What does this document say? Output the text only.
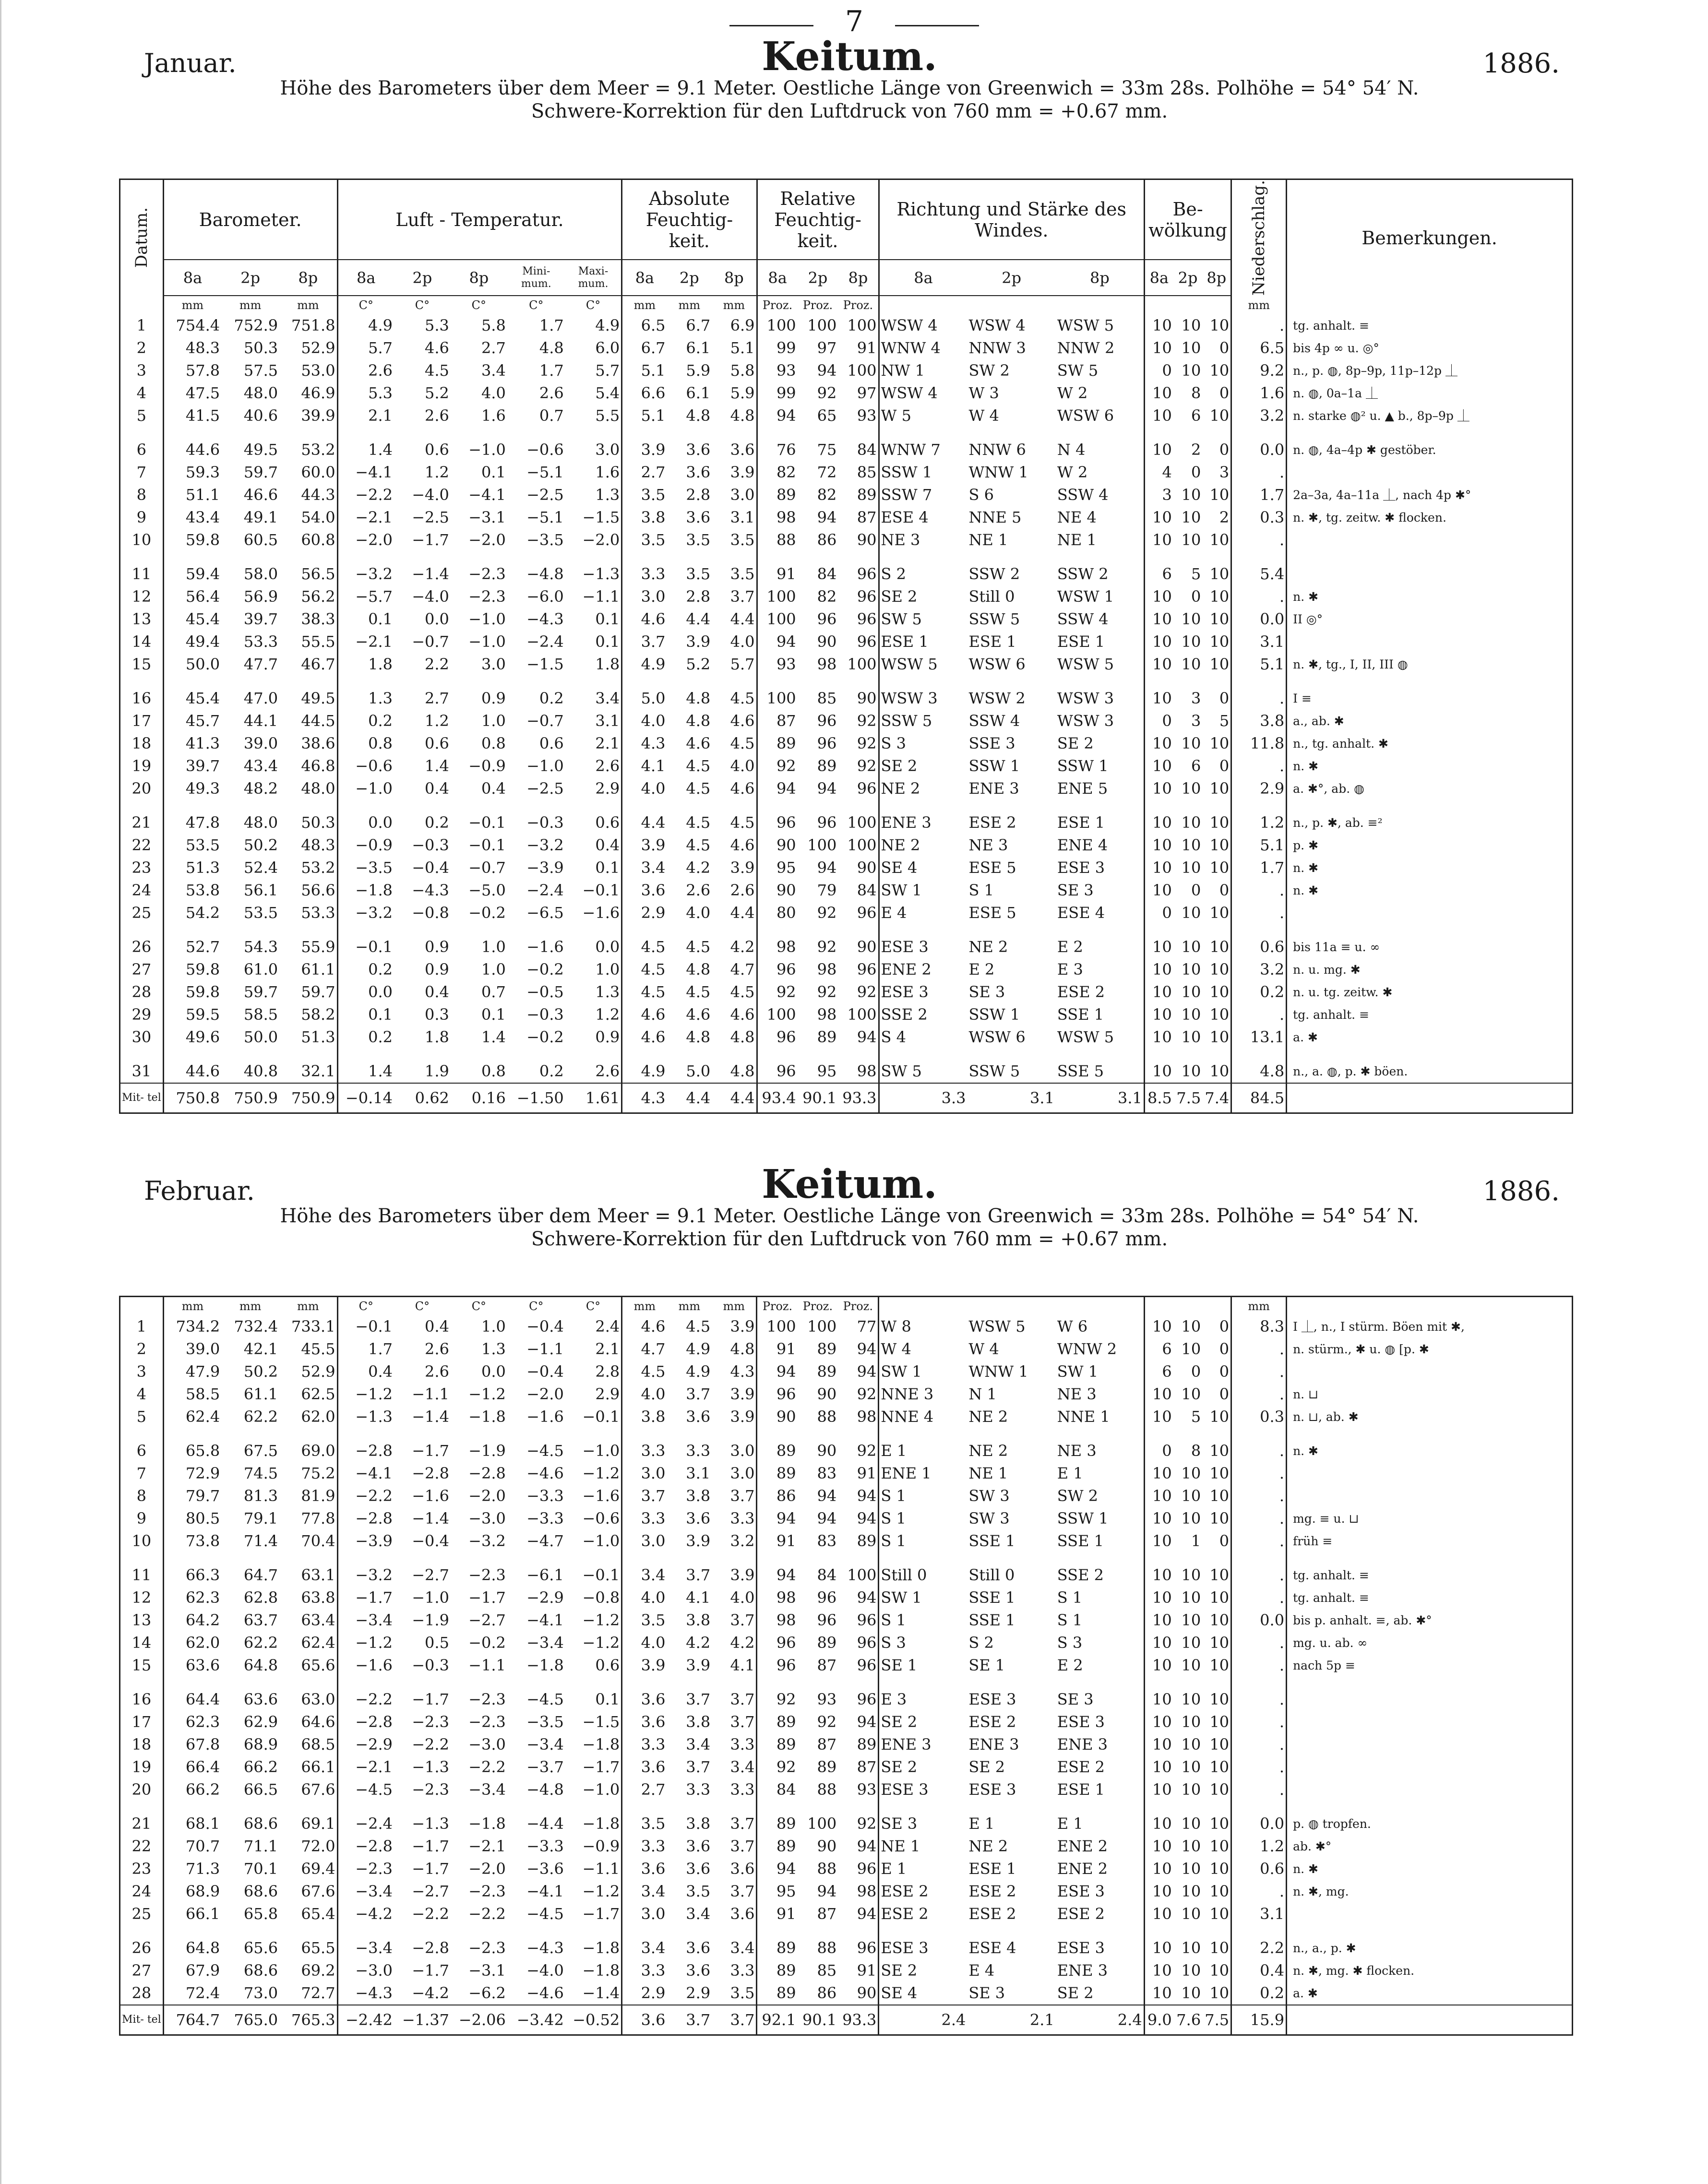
7
Januar.	Keitum.	1886.
Höhe des Barometers über dem Meer = 9.1 Meter. Oestliche Länge von Greenwich = 33m 28s. Polhöhe = 54° 54′ N.
Schwere-Korrektion für den Luftdruck von 760 mm = +0.67 mm.
Datum.	Barometer.			Luft - Temperatur.					Absolute Feuchtig- keit.			Relative Feuchtig- keit.			Richtung und Stärke des Windes.			Be- wölkung			Niederschlag.	Bemerkungen.
	8a	2p	8p	8a	2p	8p	Mini- mum.	Maxi- mum.	8a	2p	8p	8a	2p	8p	8a	2p	8p	8a	2p	8p		
	mm	mm	mm	C°	C°	C°	C°	C°	mm	mm	mm	Proz.	Proz.	Proz.							mm	
1	754.4	752.9	751.8	4.9	5.3	5.8	1.7	4.9	6.5	6.7	6.9	100	100	100	WSW 4	WSW 4	WSW 5	10	10	10	.	tg. anhalt. ≡
2	48.3	50.3	52.9	5.7	4.6	2.7	4.8	6.0	6.7	6.1	5.1	99	97	91	WNW 4	NNW 3	NNW 2	10	10	0	6.5	bis 4p ∞ u. ◎°
3	57.8	57.5	53.0	2.6	4.5	3.4	1.7	5.7	5.1	5.9	5.8	93	94	100	NW 1	SW 2	SW 5	0	10	10	9.2	n., p. ◍, 8p–9p, 11p–12p ⏊
4	47.5	48.0	46.9	5.3	5.2	4.0	2.6	5.4	6.6	6.1	5.9	99	92	97	WSW 4	W 3	W 2	10	8	0	1.6	n. ◍, 0a–1a ⏊
5	41.5	40.6	39.9	2.1	2.6	1.6	0.7	5.5	5.1	4.8	4.8	94	65	93	W 5	W 4	WSW 6	10	6	10	3.2	n. starke ◍² u. ▲ b., 8p–9p ⏊
6	44.6	49.5	53.2	1.4	0.6	−1.0	−0.6	3.0	3.9	3.6	3.6	76	75	84	WNW 7	NNW 6	N 4	10	2	0	0.0	n. ◍, 4a–4p ✱ gestöber.
7	59.3	59.7	60.0	−4.1	1.2	0.1	−5.1	1.6	2.7	3.6	3.9	82	72	85	SSW 1	WNW 1	W 2	4	0	3	.	
8	51.1	46.6	44.3	−2.2	−4.0	−4.1	−2.5	1.3	3.5	2.8	3.0	89	82	89	SSW 7	S 6	SSW 4	3	10	10	1.7	2a–3a, 4a–11a ⏊, nach 4p ✱°
9	43.4	49.1	54.0	−2.1	−2.5	−3.1	−5.1	−1.5	3.8	3.6	3.1	98	94	87	ESE 4	NNE 5	NE 4	10	10	2	0.3	n. ✱, tg. zeitw. ✱ flocken.
10	59.8	60.5	60.8	−2.0	−1.7	−2.0	−3.5	−2.0	3.5	3.5	3.5	88	86	90	NE 3	NE 1	NE 1	10	10	10	.	
11	59.4	58.0	56.5	−3.2	−1.4	−2.3	−4.8	−1.3	3.3	3.5	3.5	91	84	96	S 2	SSW 2	SSW 2	6	5	10	5.4	
12	56.4	56.9	56.2	−5.7	−4.0	−2.3	−6.0	−1.1	3.0	2.8	3.7	100	82	96	SE 2	Still 0	WSW 1	10	0	10	.	n. ✱
13	45.4	39.7	38.3	0.1	0.0	−1.0	−4.3	0.1	4.6	4.4	4.4	100	96	96	SW 5	SSW 5	SSW 4	10	10	10	0.0	II ◎°
14	49.4	53.3	55.5	−2.1	−0.7	−1.0	−2.4	0.1	3.7	3.9	4.0	94	90	96	ESE 1	ESE 1	ESE 1	10	10	10	3.1	
15	50.0	47.7	46.7	1.8	2.2	3.0	−1.5	1.8	4.9	5.2	5.7	93	98	100	WSW 5	WSW 6	WSW 5	10	10	10	5.1	n. ✱, tg., I, II, III ◍
16	45.4	47.0	49.5	1.3	2.7	0.9	0.2	3.4	5.0	4.8	4.5	100	85	90	WSW 3	WSW 2	WSW 3	10	3	0	.	I ≡
17	45.7	44.1	44.5	0.2	1.2	1.0	−0.7	3.1	4.0	4.8	4.6	87	96	92	SSW 5	SSW 4	WSW 3	0	3	5	3.8	a., ab. ✱
18	41.3	39.0	38.6	0.8	0.6	0.8	0.6	2.1	4.3	4.6	4.5	89	96	92	S 3	SSE 3	SE 2	10	10	10	11.8	n., tg. anhalt. ✱
19	39.7	43.4	46.8	−0.6	1.4	−0.9	−1.0	2.6	4.1	4.5	4.0	92	89	92	SE 2	SSW 1	SSW 1	10	6	0	.	n. ✱
20	49.3	48.2	48.0	−1.0	0.4	0.4	−2.5	2.9	4.0	4.5	4.6	94	94	96	NE 2	ENE 3	ENE 5	10	10	10	2.9	a. ✱°, ab. ◍
21	47.8	48.0	50.3	0.0	0.2	−0.1	−0.3	0.6	4.4	4.5	4.5	96	96	100	ENE 3	ESE 2	ESE 1	10	10	10	1.2	n., p. ✱, ab. ≡²
22	53.5	50.2	48.3	−0.9	−0.3	−0.1	−3.2	0.4	3.9	4.5	4.6	90	100	100	NE 2	NE 3	ENE 4	10	10	10	5.1	p. ✱
23	51.3	52.4	53.2	−3.5	−0.4	−0.7	−3.9	0.1	3.4	4.2	3.9	95	94	90	SE 4	ESE 5	ESE 3	10	10	10	1.7	n. ✱
24	53.8	56.1	56.6	−1.8	−4.3	−5.0	−2.4	−0.1	3.6	2.6	2.6	90	79	84	SW 1	S 1	SE 3	10	0	0	.	n. ✱
25	54.2	53.5	53.3	−3.2	−0.8	−0.2	−6.5	−1.6	2.9	4.0	4.4	80	92	96	E 4	ESE 5	ESE 4	0	10	10	.	
26	52.7	54.3	55.9	−0.1	0.9	1.0	−1.6	0.0	4.5	4.5	4.2	98	92	90	ESE 3	NE 2	E 2	10	10	10	0.6	bis 11a ≡ u. ∞
27	59.8	61.0	61.1	0.2	0.9	1.0	−0.2	1.0	4.5	4.8	4.7	96	98	96	ENE 2	E 2	E 3	10	10	10	3.2	n. u. mg. ✱
28	59.8	59.7	59.7	0.0	0.4	0.7	−0.5	1.3	4.5	4.5	4.5	92	92	92	ESE 3	SE 3	ESE 2	10	10	10	0.2	n. u. tg. zeitw. ✱
29	59.5	58.5	58.2	0.1	0.3	0.1	−0.3	1.2	4.6	4.6	4.6	100	98	100	SSE 2	SSW 1	SSE 1	10	10	10	.	tg. anhalt. ≡
30	49.6	50.0	51.3	0.2	1.8	1.4	−0.2	0.9	4.6	4.8	4.8	96	89	94	S 4	WSW 6	WSW 5	10	10	10	13.1	a. ✱
31	44.6	40.8	32.1	1.4	1.9	0.8	0.2	2.6	4.9	5.0	4.8	96	95	98	SW 5	SSW 5	SSE 5	10	10	10	4.8	n., a. ◍, p. ✱ böen.
Mit- tel	750.8	750.9	750.9	−0.14	0.62	0.16	−1.50	1.61	4.3	4.4	4.4	93.4	90.1	93.3	3.3	3.1	3.1	8.5	7.5	7.4	84.5	
Februar.	Keitum.	1886.
Höhe des Barometers über dem Meer = 9.1 Meter. Oestliche Länge von Greenwich = 33m 28s. Polhöhe = 54° 54′ N.
Schwere-Korrektion für den Luftdruck von 760 mm = +0.67 mm.
	mm	mm	mm	C°	C°	C°	C°	C°	mm	mm	mm	Proz.	Proz.	Proz.							mm	
1	734.2	732.4	733.1	−0.1	0.4	1.0	−0.4	2.4	4.6	4.5	3.9	100	100	77	W 8	WSW 5	W 6	10	10	0	8.3	I ⏊, n., I stürm. Böen mit ✱,
2	39.0	42.1	45.5	1.7	2.6	1.3	−1.1	2.1	4.7	4.9	4.8	91	89	94	W 4	W 4	WNW 2	6	10	0	.	n. stürm., ✱ u. ◍ [p. ✱
3	47.9	50.2	52.9	0.4	2.6	0.0	−0.4	2.8	4.5	4.9	4.3	94	89	94	SW 1	WNW 1	SW 1	6	0	0	.	
4	58.5	61.1	62.5	−1.2	−1.1	−1.2	−2.0	2.9	4.0	3.7	3.9	96	90	92	NNE 3	N 1	NE 3	10	10	0	.	n. ⊔
5	62.4	62.2	62.0	−1.3	−1.4	−1.8	−1.6	−0.1	3.8	3.6	3.9	90	88	98	NNE 4	NE 2	NNE 1	10	5	10	0.3	n. ⊔, ab. ✱
6	65.8	67.5	69.0	−2.8	−1.7	−1.9	−4.5	−1.0	3.3	3.3	3.0	89	90	92	E 1	NE 2	NE 3	0	8	10	.	n. ✱
7	72.9	74.5	75.2	−4.1	−2.8	−2.8	−4.6	−1.2	3.0	3.1	3.0	89	83	91	ENE 1	NE 1	E 1	10	10	10	.	
8	79.7	81.3	81.9	−2.2	−1.6	−2.0	−3.3	−1.6	3.7	3.8	3.7	86	94	94	S 1	SW 3	SW 2	10	10	10	.	
9	80.5	79.1	77.8	−2.8	−1.4	−3.0	−3.3	−0.6	3.3	3.6	3.3	94	94	94	S 1	SW 3	SSW 1	10	10	10	.	mg. ≡ u. ⊔
10	73.8	71.4	70.4	−3.9	−0.4	−3.2	−4.7	−1.0	3.0	3.9	3.2	91	83	89	S 1	SSE 1	SSE 1	10	1	0	.	früh ≡
11	66.3	64.7	63.1	−3.2	−2.7	−2.3	−6.1	−0.1	3.4	3.7	3.9	94	84	100	Still 0	Still 0	SSE 2	10	10	10	.	tg. anhalt. ≡
12	62.3	62.8	63.8	−1.7	−1.0	−1.7	−2.9	−0.8	4.0	4.1	4.0	98	96	94	SW 1	SSE 1	S 1	10	10	10	.	tg. anhalt. ≡
13	64.2	63.7	63.4	−3.4	−1.9	−2.7	−4.1	−1.2	3.5	3.8	3.7	98	96	96	S 1	SSE 1	S 1	10	10	10	0.0	bis p. anhalt. ≡, ab. ✱°
14	62.0	62.2	62.4	−1.2	0.5	−0.2	−3.4	−1.2	4.0	4.2	4.2	96	89	96	S 3	S 2	S 3	10	10	10	.	mg. u. ab. ∞
15	63.6	64.8	65.6	−1.6	−0.3	−1.1	−1.8	0.6	3.9	3.9	4.1	96	87	96	SE 1	SE 1	E 2	10	10	10	.	nach 5p ≡
16	64.4	63.6	63.0	−2.2	−1.7	−2.3	−4.5	0.1	3.6	3.7	3.7	92	93	96	E 3	ESE 3	SE 3	10	10	10	.	
17	62.3	62.9	64.6	−2.8	−2.3	−2.3	−3.5	−1.5	3.6	3.8	3.7	89	92	94	SE 2	ESE 2	ESE 3	10	10	10	.	
18	67.8	68.9	68.5	−2.9	−2.2	−3.0	−3.4	−1.8	3.3	3.4	3.3	89	87	89	ENE 3	ENE 3	ENE 3	10	10	10	.	
19	66.4	66.2	66.1	−2.1	−1.3	−2.2	−3.7	−1.7	3.6	3.7	3.4	92	89	87	SE 2	SE 2	ESE 2	10	10	10	.	
20	66.2	66.5	67.6	−4.5	−2.3	−3.4	−4.8	−1.0	2.7	3.3	3.3	84	88	93	ESE 3	ESE 3	ESE 1	10	10	10	.	
21	68.1	68.6	69.1	−2.4	−1.3	−1.8	−4.4	−1.8	3.5	3.8	3.7	89	100	92	SE 3	E 1	E 1	10	10	10	0.0	p. ◍ tropfen.
22	70.7	71.1	72.0	−2.8	−1.7	−2.1	−3.3	−0.9	3.3	3.6	3.7	89	90	94	NE 1	NE 2	ENE 2	10	10	10	1.2	ab. ✱°
23	71.3	70.1	69.4	−2.3	−1.7	−2.0	−3.6	−1.1	3.6	3.6	3.6	94	88	96	E 1	ESE 1	ENE 2	10	10	10	0.6	n. ✱
24	68.9	68.6	67.6	−3.4	−2.7	−2.3	−4.1	−1.2	3.4	3.5	3.7	95	94	98	ESE 2	ESE 2	ESE 3	10	10	10	.	n. ✱, mg.
25	66.1	65.8	65.4	−4.2	−2.2	−2.2	−4.5	−1.7	3.0	3.4	3.6	91	87	94	ESE 2	ESE 2	ESE 2	10	10	10	3.1	
26	64.8	65.6	65.5	−3.4	−2.8	−2.3	−4.3	−1.8	3.4	3.6	3.4	89	88	96	ESE 3	ESE 4	ESE 3	10	10	10	2.2	n., a., p. ✱
27	67.9	68.6	69.2	−3.0	−1.7	−3.1	−4.0	−1.8	3.3	3.6	3.3	89	85	91	SE 2	E 4	ENE 3	10	10	10	0.4	n. ✱, mg. ✱ flocken.
28	72.4	73.0	72.7	−4.3	−4.2	−6.2	−4.6	−1.4	2.9	2.9	3.5	89	86	90	SE 4	SE 3	SE 2	10	10	10	0.2	a. ✱
Mit- tel	764.7	765.0	765.3	−2.42	−1.37	−2.06	−3.42	−0.52	3.6	3.7	3.7	92.1	90.1	93.3	2.4	2.1	2.4	9.0	7.6	7.5	15.9	
